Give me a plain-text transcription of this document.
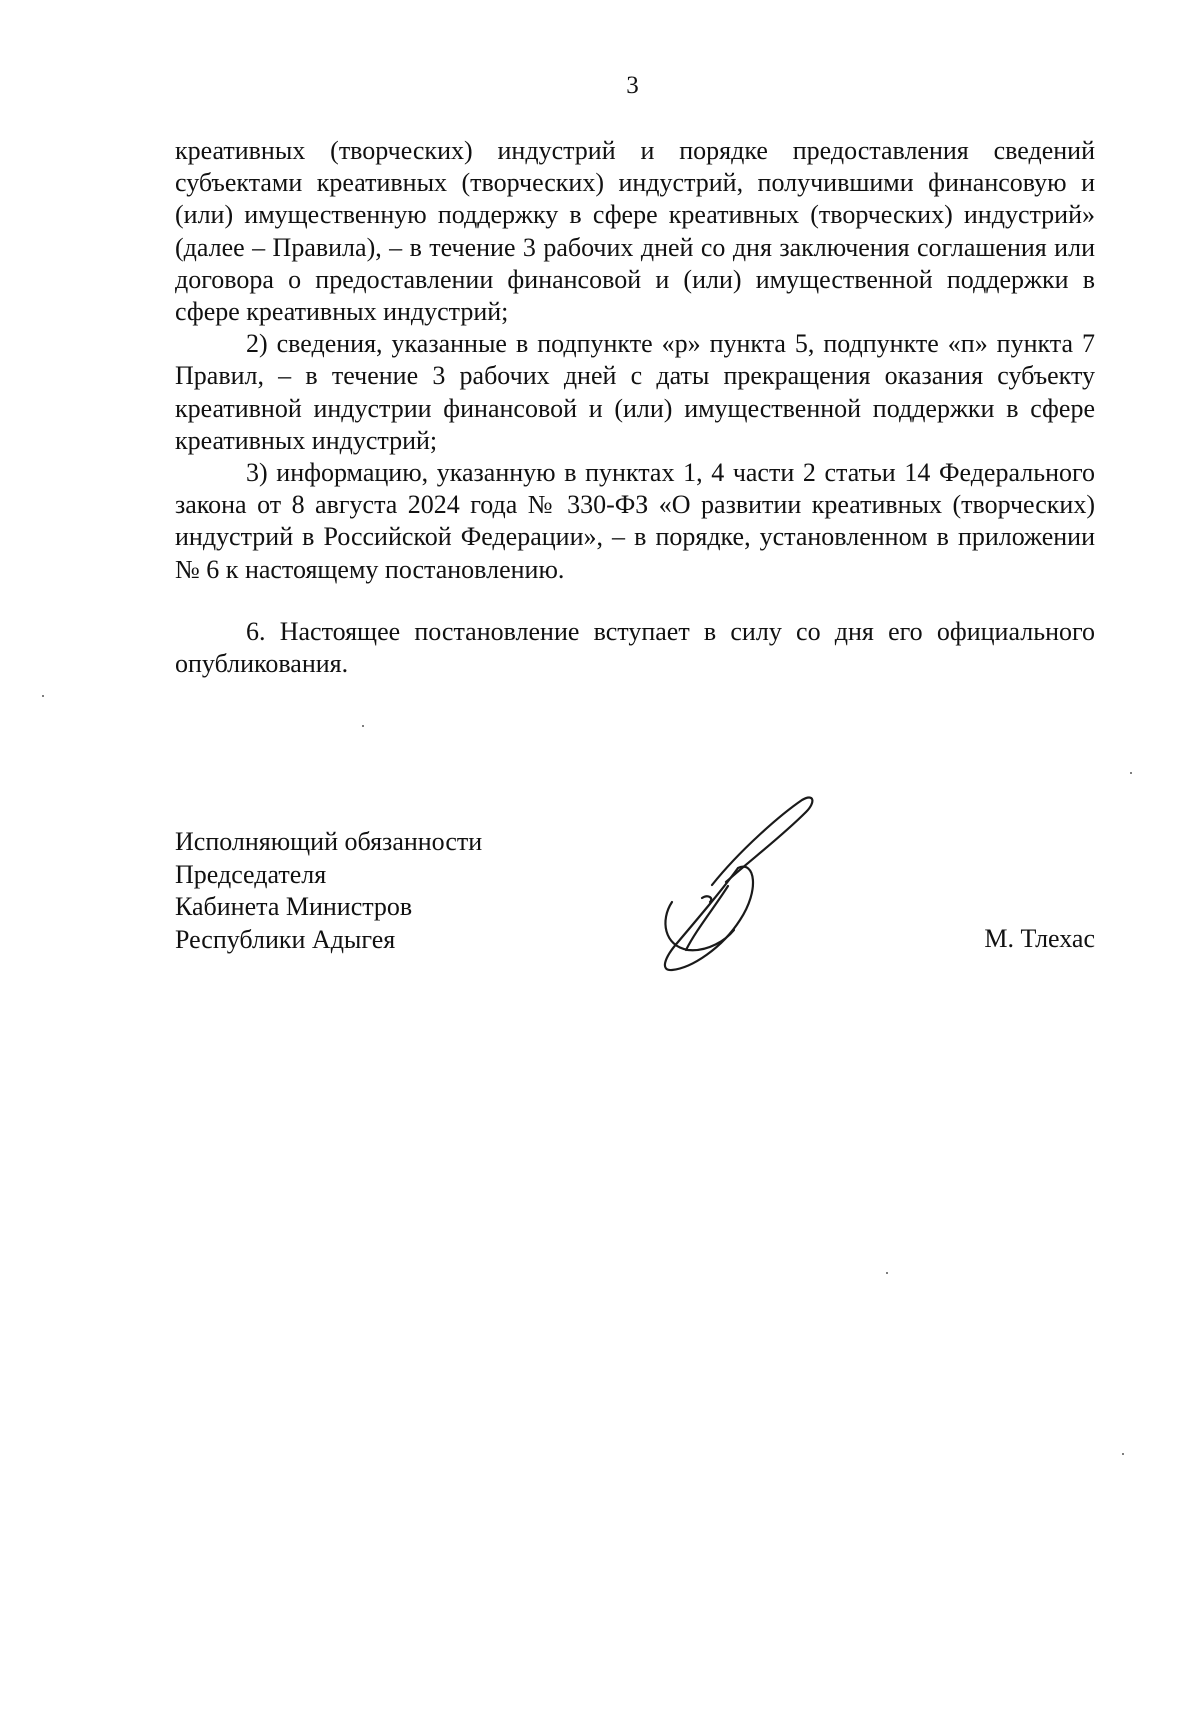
3

креативных (творческих) индустрий и порядке предоставления сведений субъектами креативных (творческих) индустрий, получившими финансовую и (или) имущественную поддержку в сфере креативных (творческих) индустрий» (далее – Правила), – в течение 3 рабочих дней со дня заключения соглашения или договора о предоставлении финансовой и (или) имущественной поддержки в сфере креативных индустрий;

2) сведения, указанные в подпункте «р» пункта 5, подпункте «п» пункта 7 Правил, – в течение 3 рабочих дней с даты прекращения оказания субъекту креативной индустрии финансовой и (или) имущественной поддержки в сфере креативных индустрий;

3) информацию, указанную в пунктах 1, 4 части 2 статьи 14 Федерального закона от 8 августа 2024 года № 330-ФЗ «О развитии креативных (творческих) индустрий в Российской Федерации», – в порядке, установленном в приложении № 6 к настоящему постановлению.

6. Настоящее постановление вступает в силу со дня его официального опубликования.

Исполняющий обязанности
Председателя
Кабинета Министров
Республики Адыгея	М. Тлехас
